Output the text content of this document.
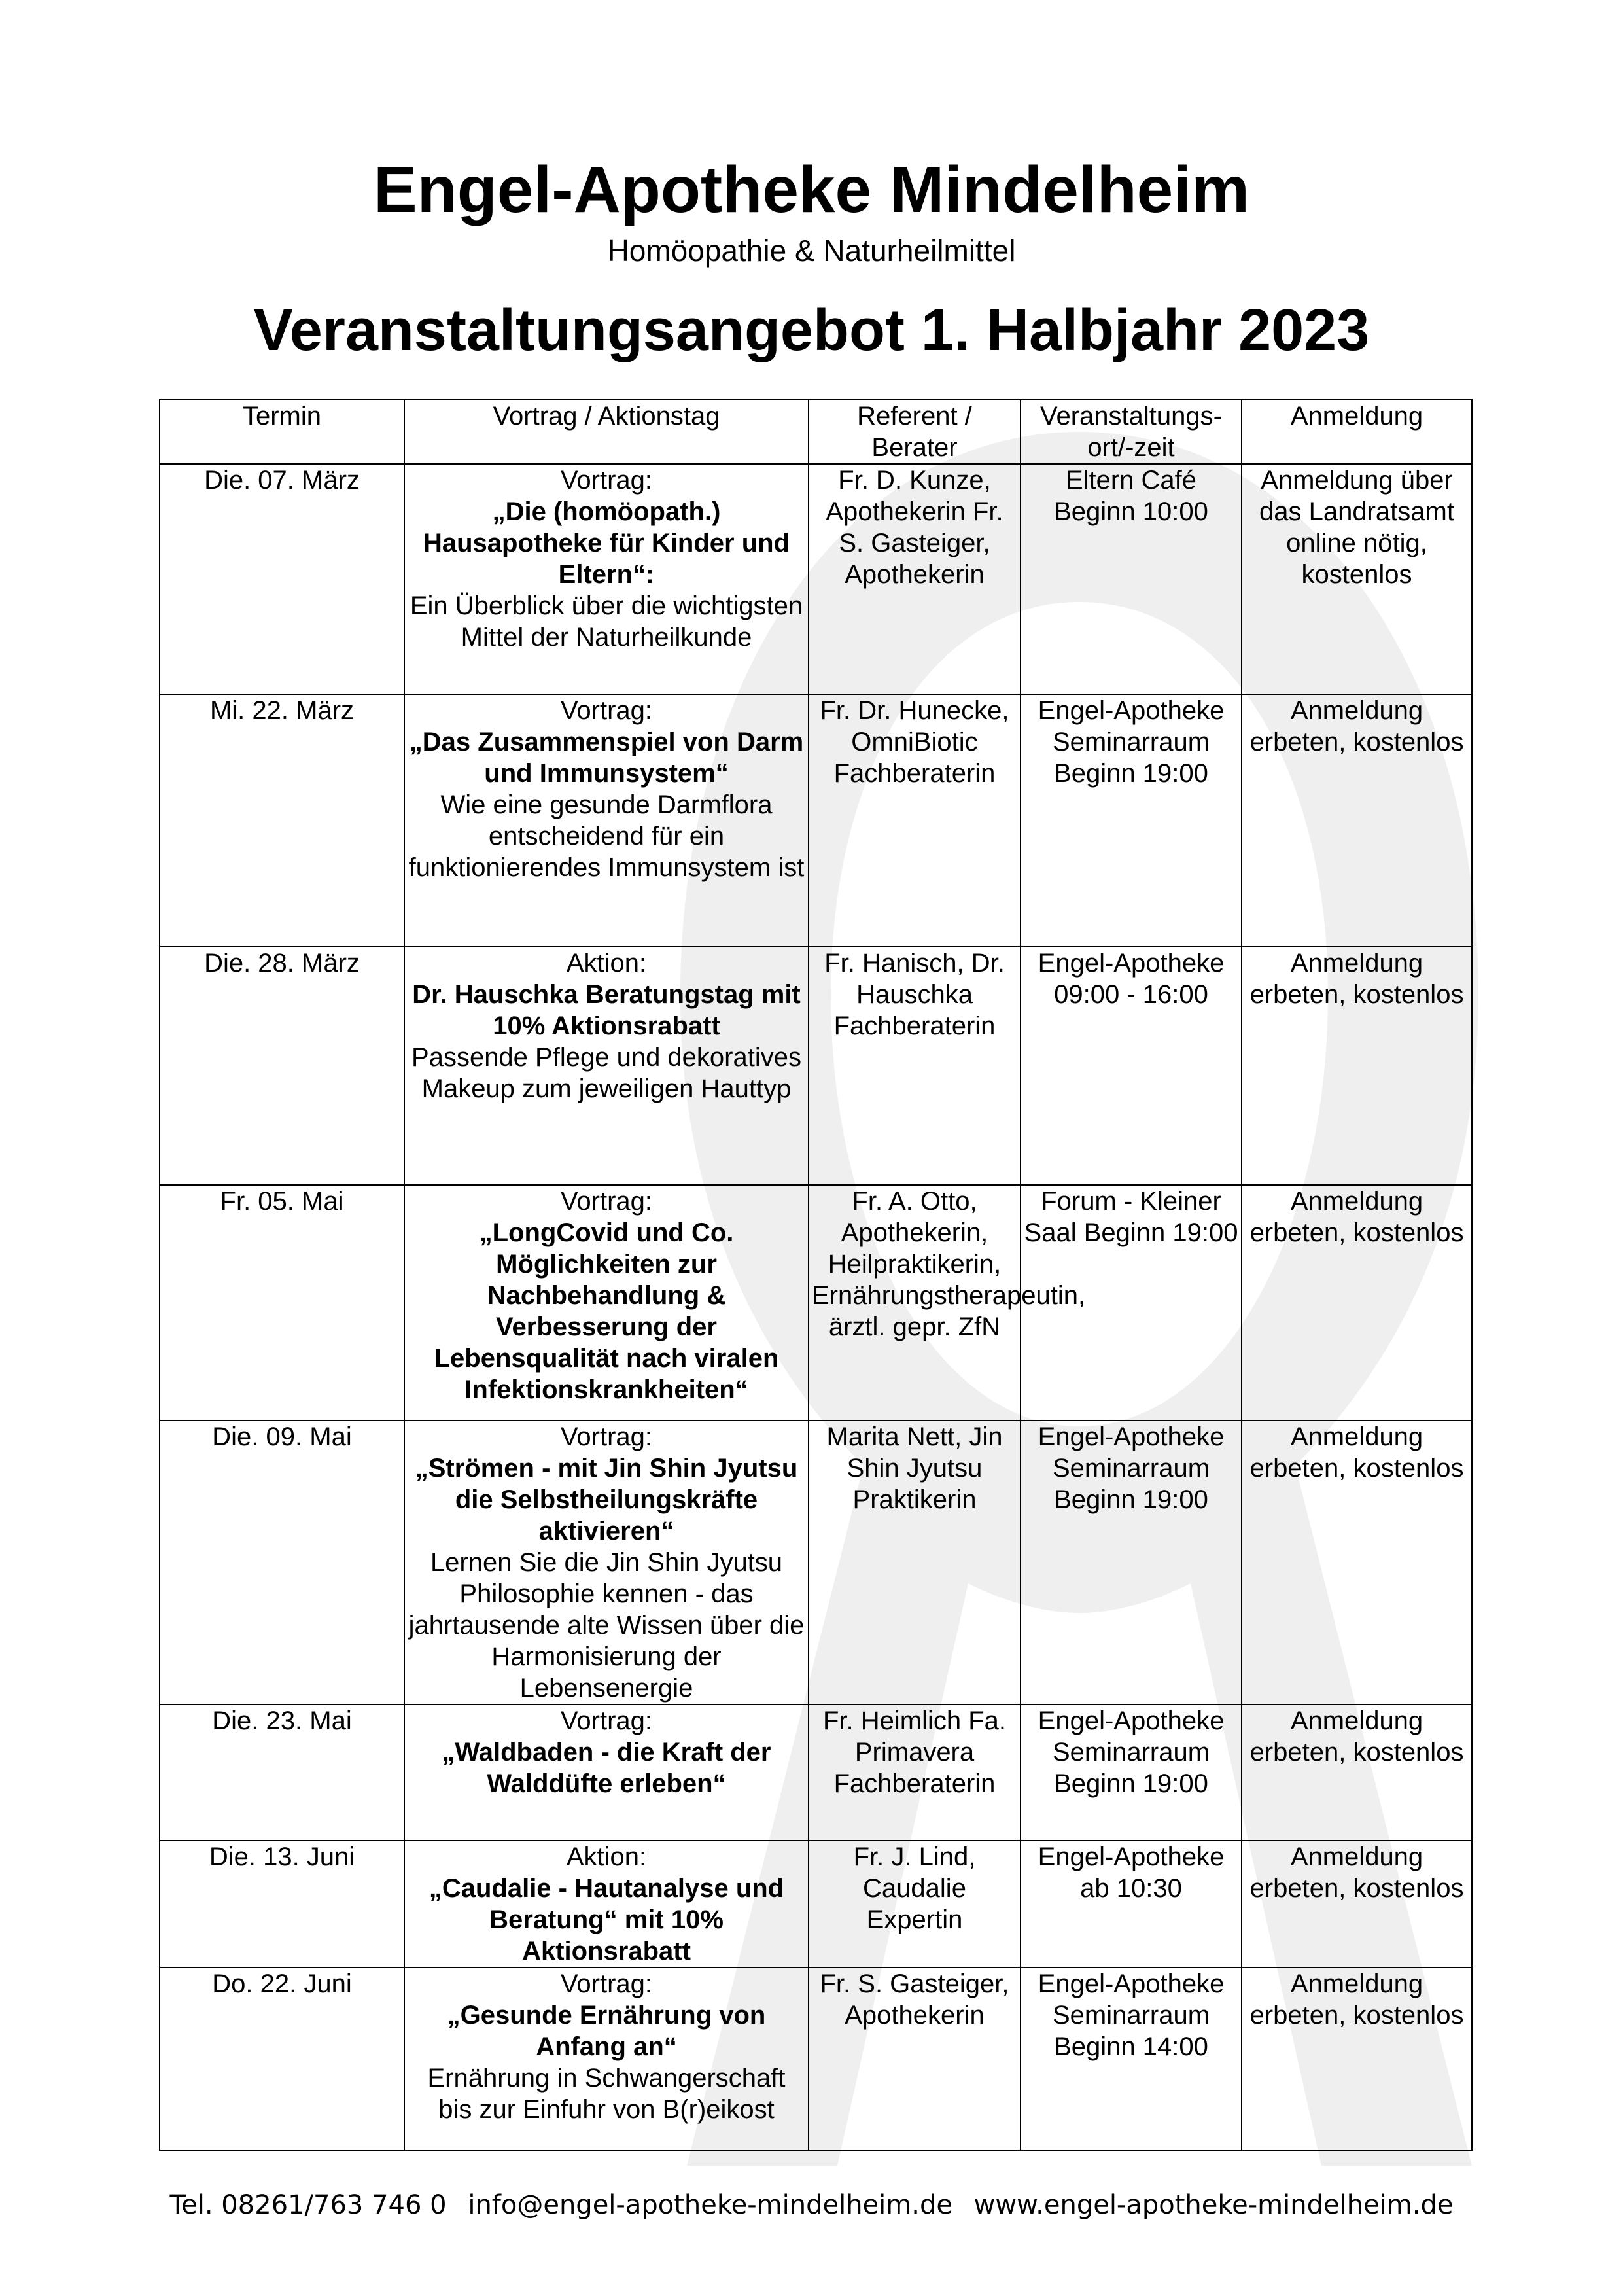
Engel-Apotheke Mindelheim
Homöopathie & Naturheilmittel
Veranstaltungsangebot 1. Halbjahr 2023
Termin	Vortrag / Aktionstag	Referent / Berater	Veranstaltungs-ort/-zeit	Anmeldung
Die. 07. März	Vortrag:
„Die (homöopath.) Hausapotheke für Kinder und Eltern“:
Ein Überblick über die wichtigsten Mittel der Naturheilkunde	Fr. D. Kunze, Apothekerin Fr. S. Gasteiger, Apothekerin	Eltern Café Beginn 10:00	Anmeldung über das Landratsamt online nötig, kostenlos
Mi. 22. März	Vortrag:
„Das Zusammenspiel von Darm und Immunsystem“
Wie eine gesunde Darmflora entscheidend für ein funktionierendes Immunsystem ist	Fr. Dr. Hunecke, OmniBiotic Fachberaterin	Engel-Apotheke Seminarraum Beginn 19:00	Anmeldung erbeten, kostenlos
Die. 28. März	Aktion:
Dr. Hauschka Beratungstag mit 10% Aktionsrabatt
Passende Pflege und dekoratives Makeup zum jeweiligen Hauttyp	Fr. Hanisch, Dr. Hauschka Fachberaterin	Engel-Apotheke 09:00 - 16:00	Anmeldung erbeten, kostenlos
Fr. 05. Mai	Vortrag:
„LongCovid und Co. Möglichkeiten zur Nachbehandlung & Verbesserung der Lebensqualität nach viralen Infektionskrankheiten“	Fr. A. Otto, Apothekerin, Heilpraktikerin, Ernährungstherapeutin, ärztl. gepr. ZfN	Forum - Kleiner Saal Beginn 19:00	Anmeldung erbeten, kostenlos
Die. 09. Mai	Vortrag:
„Strömen - mit Jin Shin Jyutsu die Selbstheilungskräfte aktivieren“
Lernen Sie die Jin Shin Jyutsu Philosophie kennen - das jahrtausende alte Wissen über die Harmonisierung der Lebensenergie	Marita Nett, Jin Shin Jyutsu Praktikerin	Engel-Apotheke Seminarraum Beginn 19:00	Anmeldung erbeten, kostenlos
Die. 23. Mai	Vortrag:
„Waldbaden - die Kraft der Walddüfte erleben“	Fr. Heimlich Fa. Primavera Fachberaterin	Engel-Apotheke Seminarraum Beginn 19:00	Anmeldung erbeten, kostenlos
Die. 13. Juni	Aktion:
„Caudalie - Hautanalyse und Beratung“ mit 10% Aktionsrabatt	Fr. J. Lind, Caudalie Expertin	Engel-Apotheke ab 10:30	Anmeldung erbeten, kostenlos
Do. 22. Juni	Vortrag:
„Gesunde Ernährung von Anfang an“
Ernährung in Schwangerschaft bis zur Einfuhr von B(r)eikost	Fr. S. Gasteiger, Apothekerin	Engel-Apotheke Seminarraum Beginn 14:00	Anmeldung erbeten, kostenlos
Tel. 08261/763 746 0 info@engel-apotheke-mindelheim.de www.engel-apotheke-mindelheim.de
